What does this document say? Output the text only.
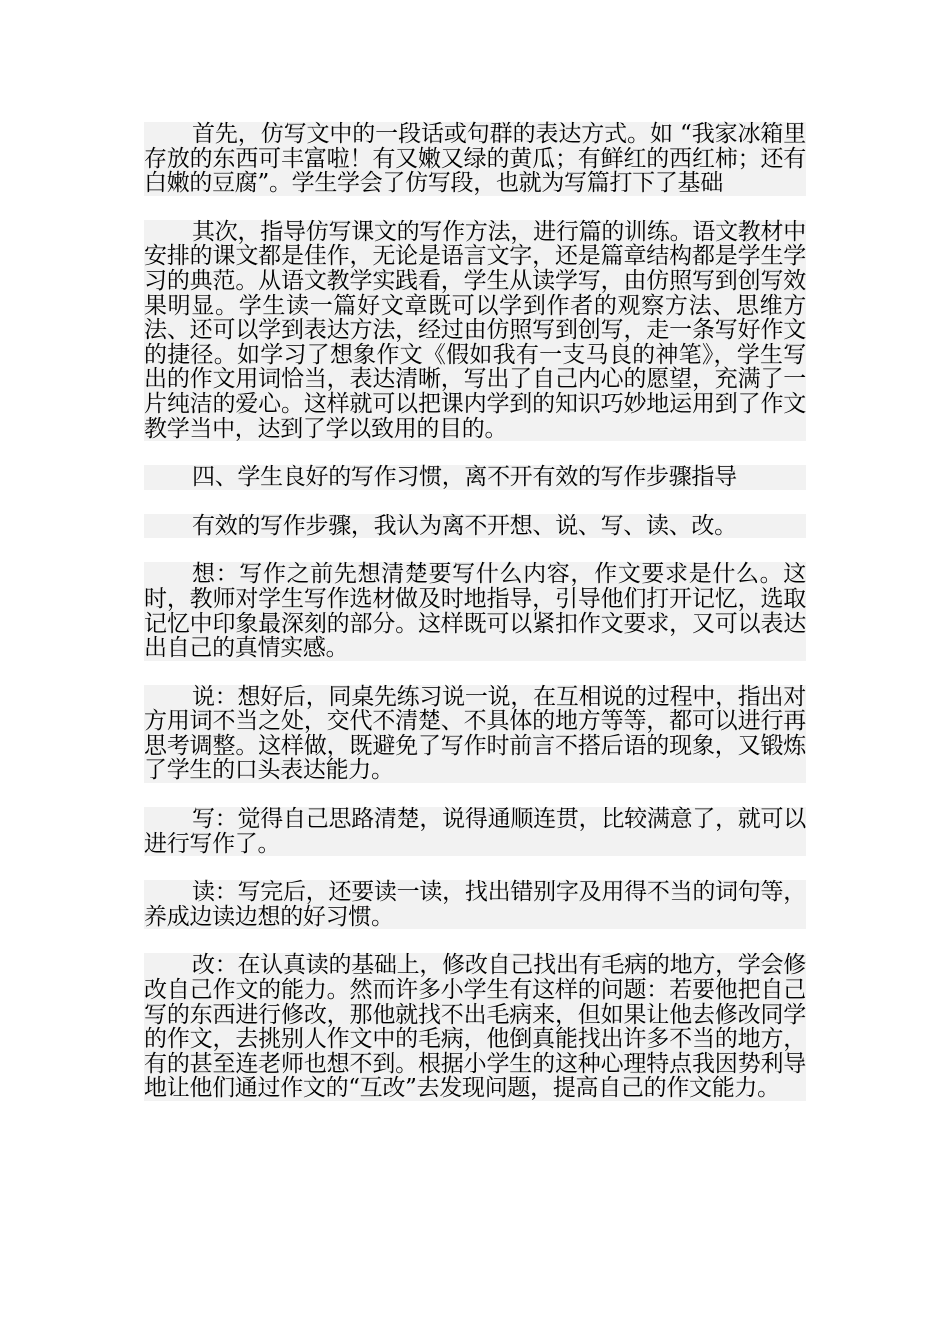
首先，仿写文中的一段话或句群的表达方式。如 “我家冰箱里存放的东西可丰富啦！有又嫩又绿的黄瓜；有鲜红的西红柿；还有白嫩的豆腐”。学生学会了仿写段，也就为写篇打下了基础

其次，指导仿写课文的写作方法，进行篇的训练。语文教材中安排的课文都是佳作，无论是语言文字，还是篇章结构都是学生学习的典范。从语文教学实践看，学生从读学写，由仿照写到创写效果明显。学生读一篇好文章既可以学到作者的观察方法、思维方法、还可以学到表达方法，经过由仿照写到创写，走一条写好作文的捷径。如学习了想象作文《假如我有一支马良的神笔》，学生写出的作文用词恰当，表达清晰，写出了自己内心的愿望，充满了一片纯洁的爱心。这样就可以把课内学到的知识巧妙地运用到了作文教学当中，达到了学以致用的目的。

四、学生良好的写作习惯，离不开有效的写作步骤指导

有效的写作步骤，我认为离不开想、说、写、读、改。

想：写作之前先想清楚要写什么内容，作文要求是什么。这时，教师对学生写作选材做及时地指导，引导他们打开记忆，选取记忆中印象最深刻的部分。这样既可以紧扣作文要求，又可以表达出自己的真情实感。

说：想好后，同桌先练习说一说，在互相说的过程中，指出对方用词不当之处，交代不清楚、不具体的地方等等，都可以进行再思考调整。这样做，既避免了写作时前言不搭后语的现象，又锻炼了学生的口头表达能力。

写：觉得自己思路清楚，说得通顺连贯，比较满意了，就可以进行写作了。

读：写完后，还要读一读，找出错别字及用得不当的词句等，养成边读边想的好习惯。

改：在认真读的基础上，修改自己找出有毛病的地方，学会修改自己作文的能力。然而许多小学生有这样的问题：若要他把自己写的东西进行修改，那他就找不出毛病来，但如果让他去修改同学的作文，去挑别人作文中的毛病，他倒真能找出许多不当的地方，有的甚至连老师也想不到。根据小学生的这种心理特点我因势利导地让他们通过作文的“互改”去发现问题，提高自己的作文能力。
